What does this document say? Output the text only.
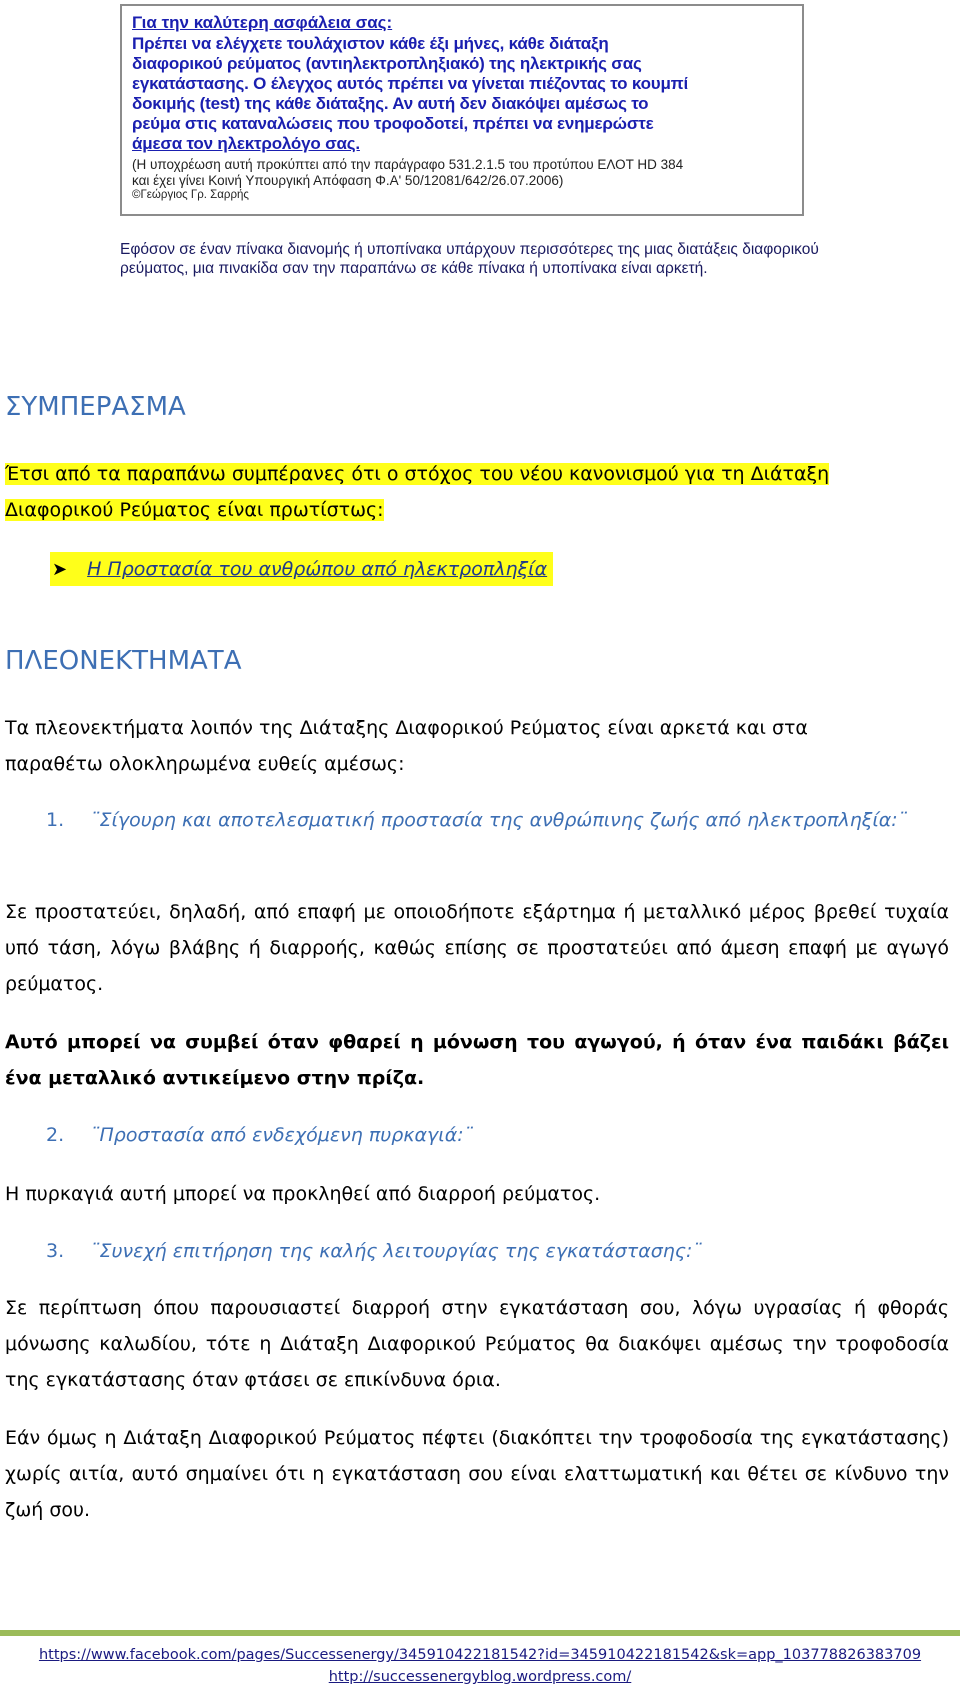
Για την καλύτερη ασφάλεια σας:

Πρέπει να ελέγχετε τουλάχιστον κάθε έξι μήνες, κάθε διάταξη
διαφορικού ρεύματος (αντιηλεκτροπληξιακό) της ηλεκτρικής σας
εγκατάστασης. Ο έλεγχος αυτός πρέπει να γίνεται πιέζοντας το κουμπί
δοκιμής (test) της κάθε διάταξης. Αν αυτή δεν διακόψει αμέσως το
ρεύμα στις καταναλώσεις που τροφοδοτεί, πρέπει να ενημερώστε
άμεσα τον ηλεκτρολόγο σας.

(Η υποχρέωση αυτή προκύπτει από την παράγραφο 531.2.1.5 του προτύπου ΕΛΟΤ HD 384
και έχει γίνει Κοινή Υπουργική Απόφαση Φ.Α' 50/12081/642/26.07.2006)

©Γεώργιος Γρ. Σαρρής

Εφόσον σε έναν πίνακα διανομής ή υποπίνακα υπάρχουν περισσότερες της μιας διατάξεις διαφορικού ρεύματος, μια πινακίδα σαν την παραπάνω σε κάθε πίνακα ή υποπίνακα είναι αρκετή.

ΣΥΜΠΕΡΑΣΜΑ

Έτσι από τα παραπάνω συμπέρανες ότι ο στόχος του νέου κανονισμού για τη Διάταξη
Διαφορικού Ρεύματος είναι πρωτίστως:

➤ Η Προστασία του ανθρώπου από ηλεκτροπληξία
ΠΛΕΟΝΕΚΤΗΜΑΤΑ

Τα πλεονεκτήματα λοιπόν της Διάταξης Διαφορικού Ρεύματος είναι αρκετά και στα
παραθέτω ολοκληρωμένα ευθείς αμέσως:

1.	¨Σίγουρη και αποτελεσματική προστασία της ανθρώπινης ζωής από ηλεκτροπληξία:¨

Σε προστατεύει, δηλαδή, από επαφή με οποιοδήποτε εξάρτημα ή μεταλλικό μέρος βρεθεί τυχαία υπό τάση, λόγω βλάβης ή διαρροής, καθώς επίσης σε προστατεύει από άμεση επαφή με αγωγό ρεύματος.

Αυτό μπορεί να συμβεί όταν φθαρεί η μόνωση του αγωγού, ή όταν ένα παιδάκι βάζει ένα μεταλλικό αντικείμενο στην πρίζα.

2.	¨Προστασία από ενδεχόμενη πυρκαγιά:¨

Η πυρκαγιά αυτή μπορεί να προκληθεί από διαρροή ρεύματος.

3.	¨Συνεχή επιτήρηση της καλής λειτουργίας της εγκατάστασης:¨

Σε περίπτωση όπου παρουσιαστεί διαρροή στην εγκατάσταση σου, λόγω υγρασίας ή φθοράς μόνωσης καλωδίου, τότε η Διάταξη Διαφορικού Ρεύματος θα διακόψει αμέσως την τροφοδοσία της εγκατάστασης όταν φτάσει σε επικίνδυνα όρια.

Εάν όμως η Διάταξη Διαφορικού Ρεύματος πέφτει (διακόπτει την τροφοδοσία της εγκατάστασης) χωρίς αιτία, αυτό σημαίνει ότι η εγκατάσταση σου είναι ελαττωματική και θέτει σε κίνδυνο την ζωή σου.

https://www.facebook.com/pages/Successenergy/345910422181542?id=345910422181542&sk=app_103778826383709
http://successenergyblog.wordpress.com/
